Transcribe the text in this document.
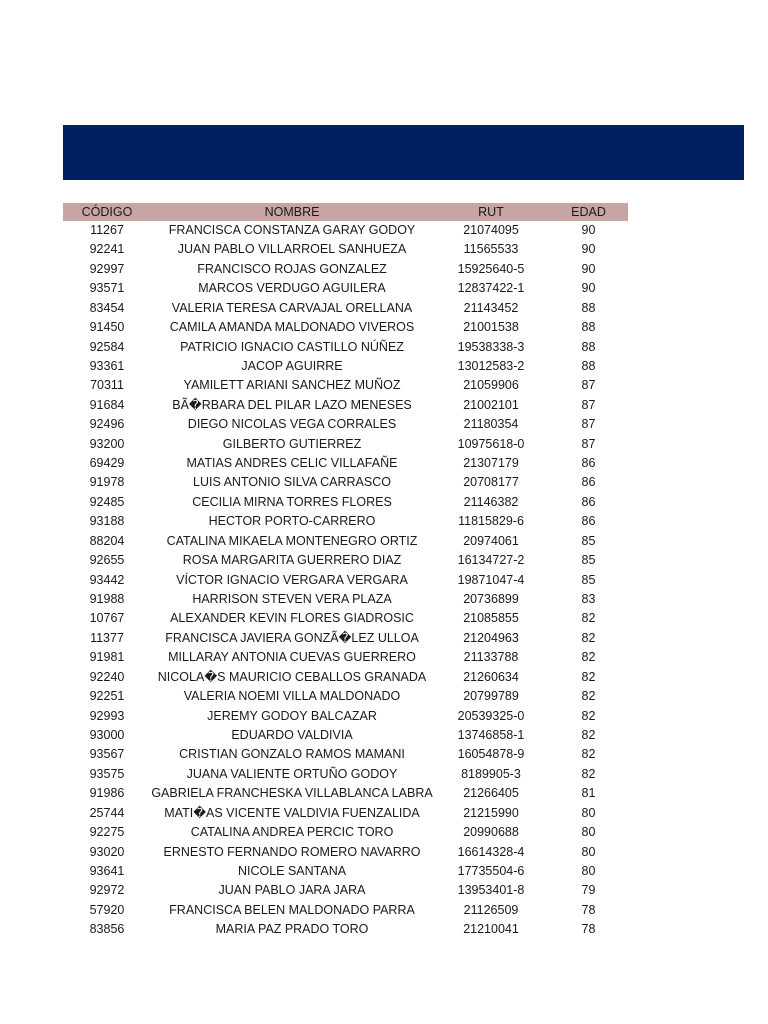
CÓDIGO	NOMBRE	RUT	EDAD
11267	FRANCISCA CONSTANZA GARAY GODOY	21074095	90
92241	JUAN PABLO VILLARROEL SANHUEZA	11565533	90
92997	FRANCISCO ROJAS GONZALEZ	15925640-5	90
93571	MARCOS VERDUGO AGUILERA	12837422-1	90
83454	VALERIA TERESA CARVAJAL ORELLANA	21143452	88
91450	CAMILA AMANDA MALDONADO VIVEROS	21001538	88
92584	PATRICIO IGNACIO CASTILLO NÚÑEZ	19538338-3	88
93361	JACOP AGUIRRE	13012583-2	88
70311	YAMILETT ARIANI SANCHEZ MUÑOZ	21059906	87
91684	BÃ�RBARA DEL PILAR LAZO MENESES	21002101	87
92496	DIEGO NICOLAS VEGA CORRALES	21180354	87
93200	GILBERTO GUTIERREZ	10975618-0	87
69429	MATIAS ANDRES CELIC VILLAFAÑE	21307179	86
91978	LUIS ANTONIO SILVA CARRASCO	20708177	86
92485	CECILIA MIRNA TORRES FLORES	21146382	86
93188	HECTOR PORTO-CARRERO	11815829-6	86
88204	CATALINA MIKAELA MONTENEGRO ORTIZ	20974061	85
92655	ROSA MARGARITA GUERRERO DIAZ	16134727-2	85
93442	VÍCTOR IGNACIO VERGARA VERGARA	19871047-4	85
91988	HARRISON STEVEN VERA PLAZA	20736899	83
10767	ALEXANDER KEVIN FLORES GIADROSIC	21085855	82
11377	FRANCISCA JAVIERA GONZÃ�LEZ ULLOA	21204963	82
91981	MILLARAY ANTONIA CUEVAS GUERRERO	21133788	82
92240	NICOLA�S MAURICIO CEBALLOS GRANADA	21260634	82
92251	VALERIA NOEMI VILLA MALDONADO	20799789	82
92993	JEREMY GODOY BALCAZAR	20539325-0	82
93000	EDUARDO VALDIVIA	13746858-1	82
93567	CRISTIAN GONZALO RAMOS MAMANI	16054878-9	82
93575	JUANA VALIENTE ORTUÑO GODOY	8189905-3	82
91986	GABRIELA FRANCHESKA VILLABLANCA LABRA	21266405	81
25744	MATI�AS VICENTE VALDIVIA FUENZALIDA	21215990	80
92275	CATALINA ANDREA PERCIC TORO	20990688	80
93020	ERNESTO FERNANDO ROMERO NAVARRO	16614328-4	80
93641	NICOLE SANTANA	17735504-6	80
92972	JUAN PABLO JARA JARA	13953401-8	79
57920	FRANCISCA BELEN MALDONADO PARRA	21126509	78
83856	MARIA PAZ PRADO TORO	21210041	78
